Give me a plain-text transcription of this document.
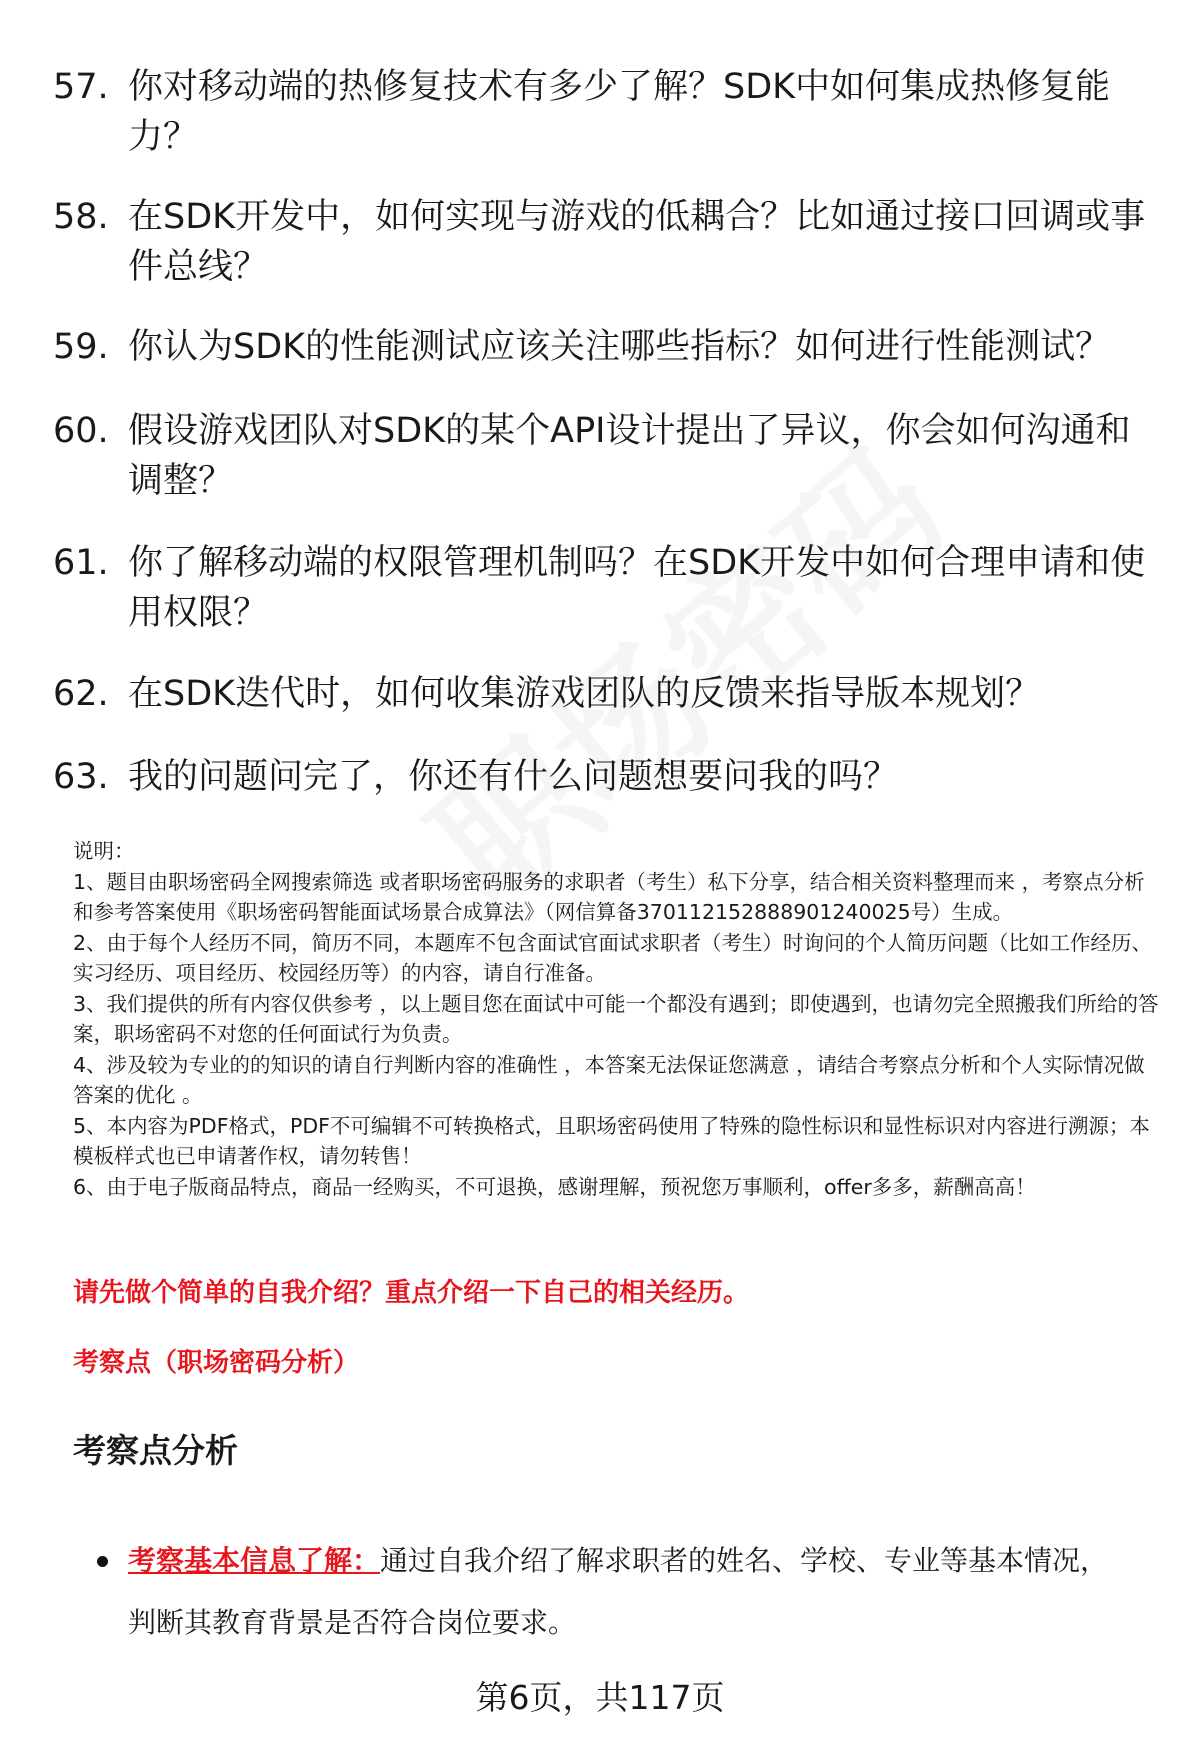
57. 你对移动端的热修复技术有多少了解？SDK中如何集成热修复能力？
58. 在SDK开发中，如何实现与游戏的低耦合？比如通过接口回调或事件总线？
59. 你认为SDK的性能测试应该关注哪些指标？如何进行性能测试？
60. 假设游戏团队对SDK的某个API设计提出了异议，你会如何沟通和调整？
61. 你了解移动端的权限管理机制吗？在SDK开发中如何合理申请和使用权限？
62. 在SDK迭代时，如何收集游戏团队的反馈来指导版本规划？
63. 我的问题问完了，你还有什么问题想要问我的吗？
说明：
1、题目由职场密码全网搜索筛选 或者职场密码服务的求职者（考生）私下分享，结合相关资料整理而来 ，考察点分析和参考答案使用《职场密码智能面试场景合成算法》（网信算备370112152888901240025号）生成。
2、由于每个人经历不同，简历不同，本题库不包含面试官面试求职者（考生）时询问的个人简历问题（比如工作经历、实习经历、项目经历、校园经历等）的内容，请自行准备。
3、我们提供的所有内容仅供参考 ，以上题目您在面试中可能一个都没有遇到；即使遇到，也请勿完全照搬我们所给的答案，职场密码不对您的任何面试行为负责。
4、涉及较为专业的的知识的请自行判断内容的准确性 ，本答案无法保证您满意 ，请结合考察点分析和个人实际情况做答案的优化 。
5、本内容为PDF格式，PDF不可编辑不可转换格式，且职场密码使用了特殊的隐性标识和显性标识对内容进行溯源；本模板样式也已申请著作权，请勿转售！
6、由于电子版商品特点，商品一经购买，不可退换，感谢理解，预祝您万事顺利，offer多多，薪酬高高！
请先做个简单的自我介绍？重点介绍一下自己的相关经历。
考察点（职场密码分析）
考察点分析
考察基本信息了解：通过自我介绍了解求职者的姓名、学校、专业等基本情况，判断其教育背景是否符合岗位要求。
第6页，共117页
